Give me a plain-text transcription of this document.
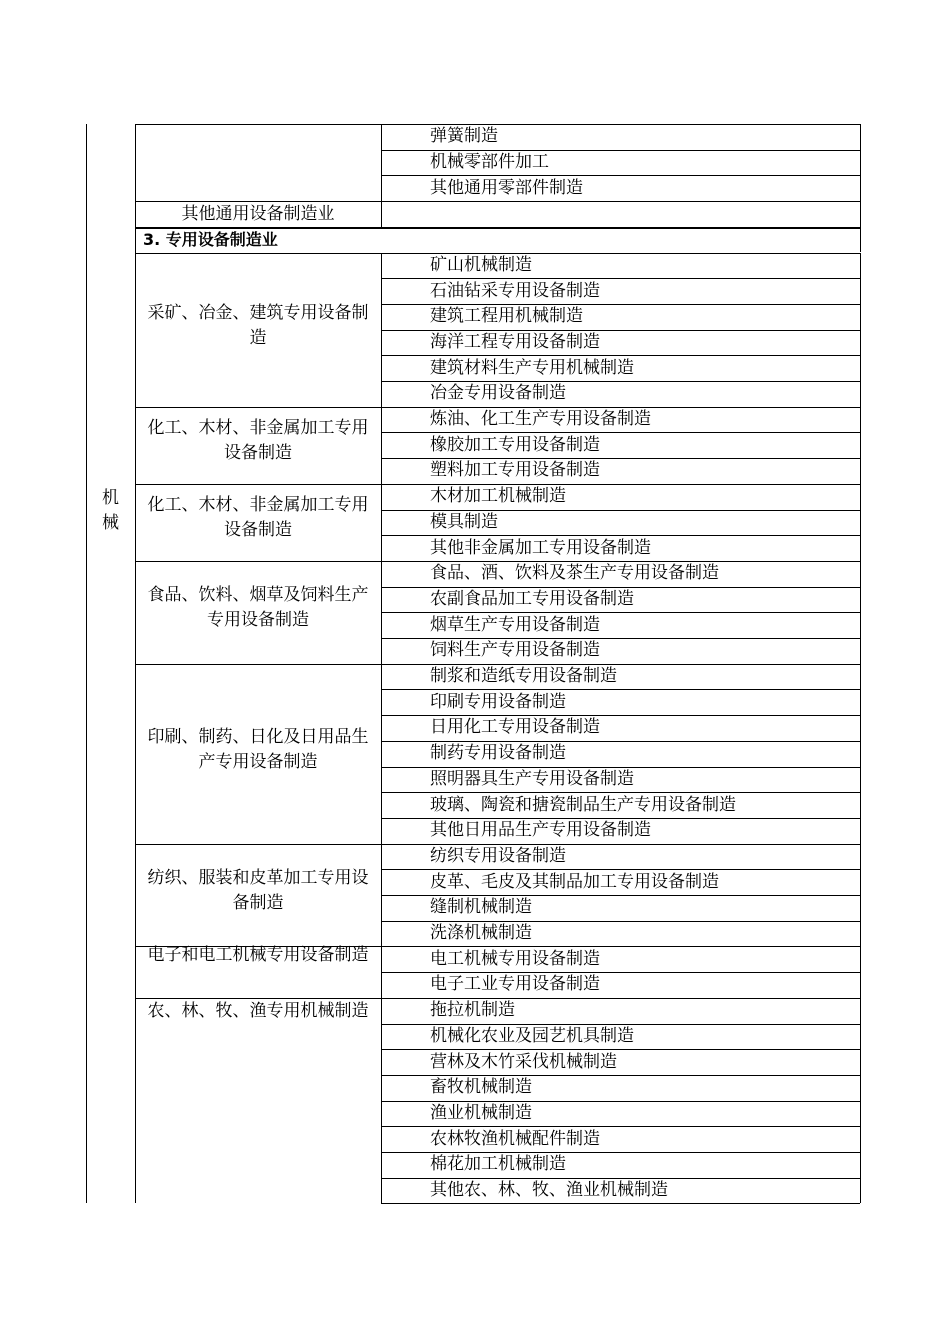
弹簧制造
机械零部件加工
其他通用零部件制造
其他通用设备制造业
3. 专用设备制造业
矿山机械制造
石油钻采专用设备制造
建筑工程用机械制造
海洋工程专用设备制造
建筑材料生产专用机械制造
冶金专用设备制造
采矿、冶金、建筑专用设备制造
炼油、化工生产专用设备制造
橡胶加工专用设备制造
塑料加工专用设备制造
化工、木材、非金属加工专用设备制造
木材加工机械制造
模具制造
其他非金属加工专用设备制造
化工、木材、非金属加工专用设备制造
食品、酒、饮料及茶生产专用设备制造
农副食品加工专用设备制造
烟草生产专用设备制造
饲料生产专用设备制造
食品、饮料、烟草及饲料生产专用设备制造
制浆和造纸专用设备制造
印刷专用设备制造
日用化工专用设备制造
制药专用设备制造
照明器具生产专用设备制造
玻璃、陶瓷和搪瓷制品生产专用设备制造
其他日用品生产专用设备制造
印刷、制药、日化及日用品生产专用设备制造
纺织专用设备制造
皮革、毛皮及其制品加工专用设备制造
缝制机械制造
洗涤机械制造
纺织、服装和皮革加工专用设备制造
电工机械专用设备制造
电子工业专用设备制造
电子和电工机械专用设备制造
拖拉机制造
机械化农业及园艺机具制造
营林及木竹采伐机械制造
畜牧机械制造
渔业机械制造
农林牧渔机械配件制造
棉花加工机械制造
其他农、林、牧、渔业机械制造
农、林、牧、渔专用机械制造
机
械
